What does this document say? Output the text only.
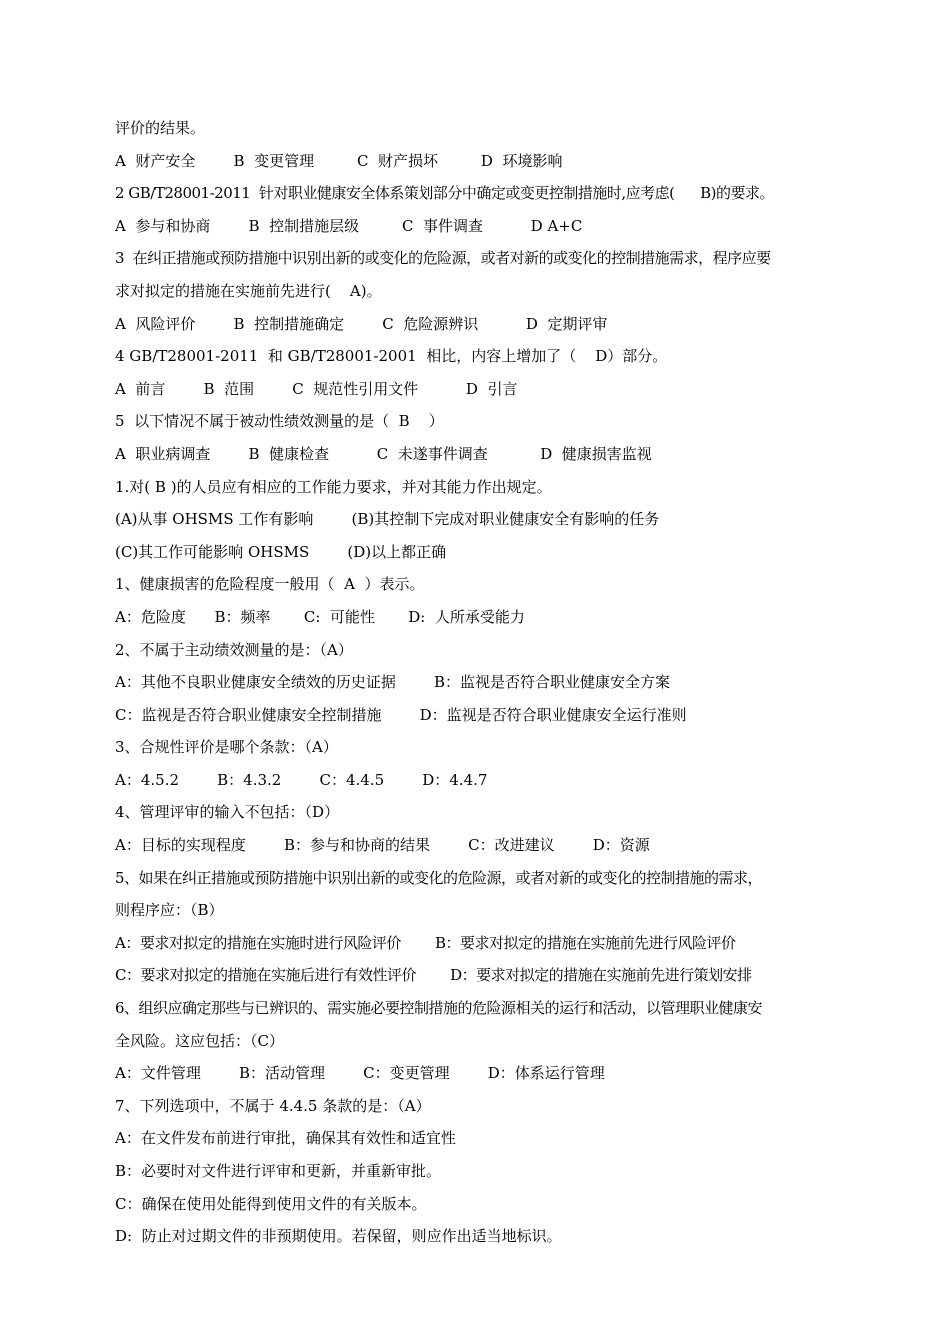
评价的结果。
A  财产安全        B  变更管理         C  财产损坏         D  环境影响
2 GB/T28001-2011  针对职业健康安全体系策划部分中确定或变更控制措施时,应考虑(      B)的要求。
A  参与和协商        B  控制措施层级         C  事件调查          D A+C
3  在纠正措施或预防措施中识别出新的或变化的危险源，或者对新的或变化的控制措施需求，程序应要
求对拟定的措施在实施前先进行(    A)。
A  风险评价        B  控制措施确定        C  危险源辨识          D  定期评审
4 GB/T28001-2011  和 GB/T28001-2001  相比，内容上增加了（    D）部分。
A  前言        B  范围        C  规范性引用文件          D  引言
5  以下情况不属于被动性绩效测量的是（  B    ）
A  职业病调查        B  健康检查          C  未遂事件调查           D  健康损害监视
1.对( B )的人员应有相应的工作能力要求，并对其能力作出规定。
(A)从事 OHSMS 工作有影响        (B)其控制下完成对职业健康安全有影响的任务
(C)其工作可能影响 OHSMS        (D)以上都正确
1、健康损害的危险程度一般用（  A  ）表示。
A：危险度      B：频率       C:  可能性       D:  人所承受能力
2、不属于主动绩效测量的是：（A）
A：其他不良职业健康安全绩效的历史证据        B：监视是否符合职业健康安全方案
C：监视是否符合职业健康安全控制措施        D：监视是否符合职业健康安全运行准则
3、合规性评价是哪个条款：（A）
A：4.5.2        B：4.3.2        C：4.4.5        D：4.4.7
4、管理评审的输入不包括：（D）
A：目标的实现程度        B：参与和协商的结果        C：改进建议        D：资源
5、如果在纠正措施或预防措施中识别出新的或变化的危险源，或者对新的或变化的控制措施的需求，
则程序应：（B）
A：要求对拟定的措施在实施时进行风险评价        B：要求对拟定的措施在实施前先进行风险评价
C：要求对拟定的措施在实施后进行有效性评价        D：要求对拟定的措施在实施前先进行策划安排
6、组织应确定那些与已辨识的、需实施必要控制措施的危险源相关的运行和活动，以管理职业健康安
全风险。这应包括：（C）
A：文件管理        B：活动管理        C：变更管理        D：体系运行管理
7、下列选项中，不属于 4.4.5 条款的是：（A）
A：在文件发布前进行审批，确保其有效性和适宜性
B：必要时对文件进行评审和更新，并重新审批。
C：确保在使用处能得到使用文件的有关版本。
D:  防止对过期文件的非预期使用。若保留，则应作出适当地标识。
